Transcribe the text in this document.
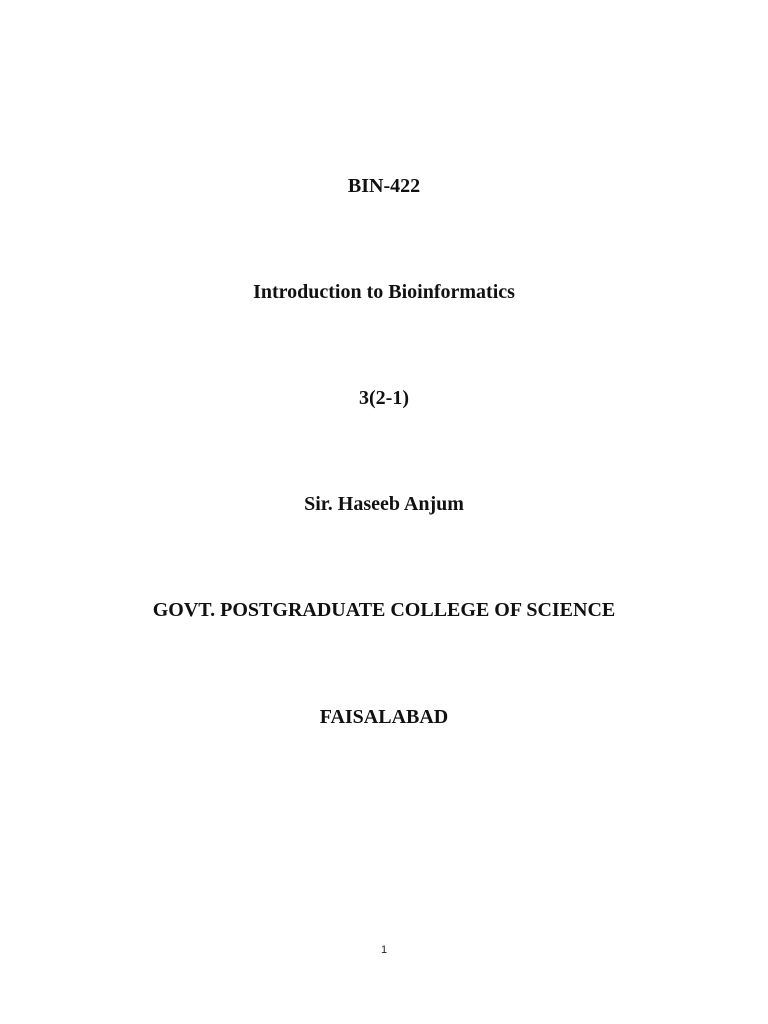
BIN-422
Introduction to Bioinformatics
3(2-1)
Sir. Haseeb Anjum
GOVT. POSTGRADUATE COLLEGE OF SCIENCE
FAISALABAD
1
